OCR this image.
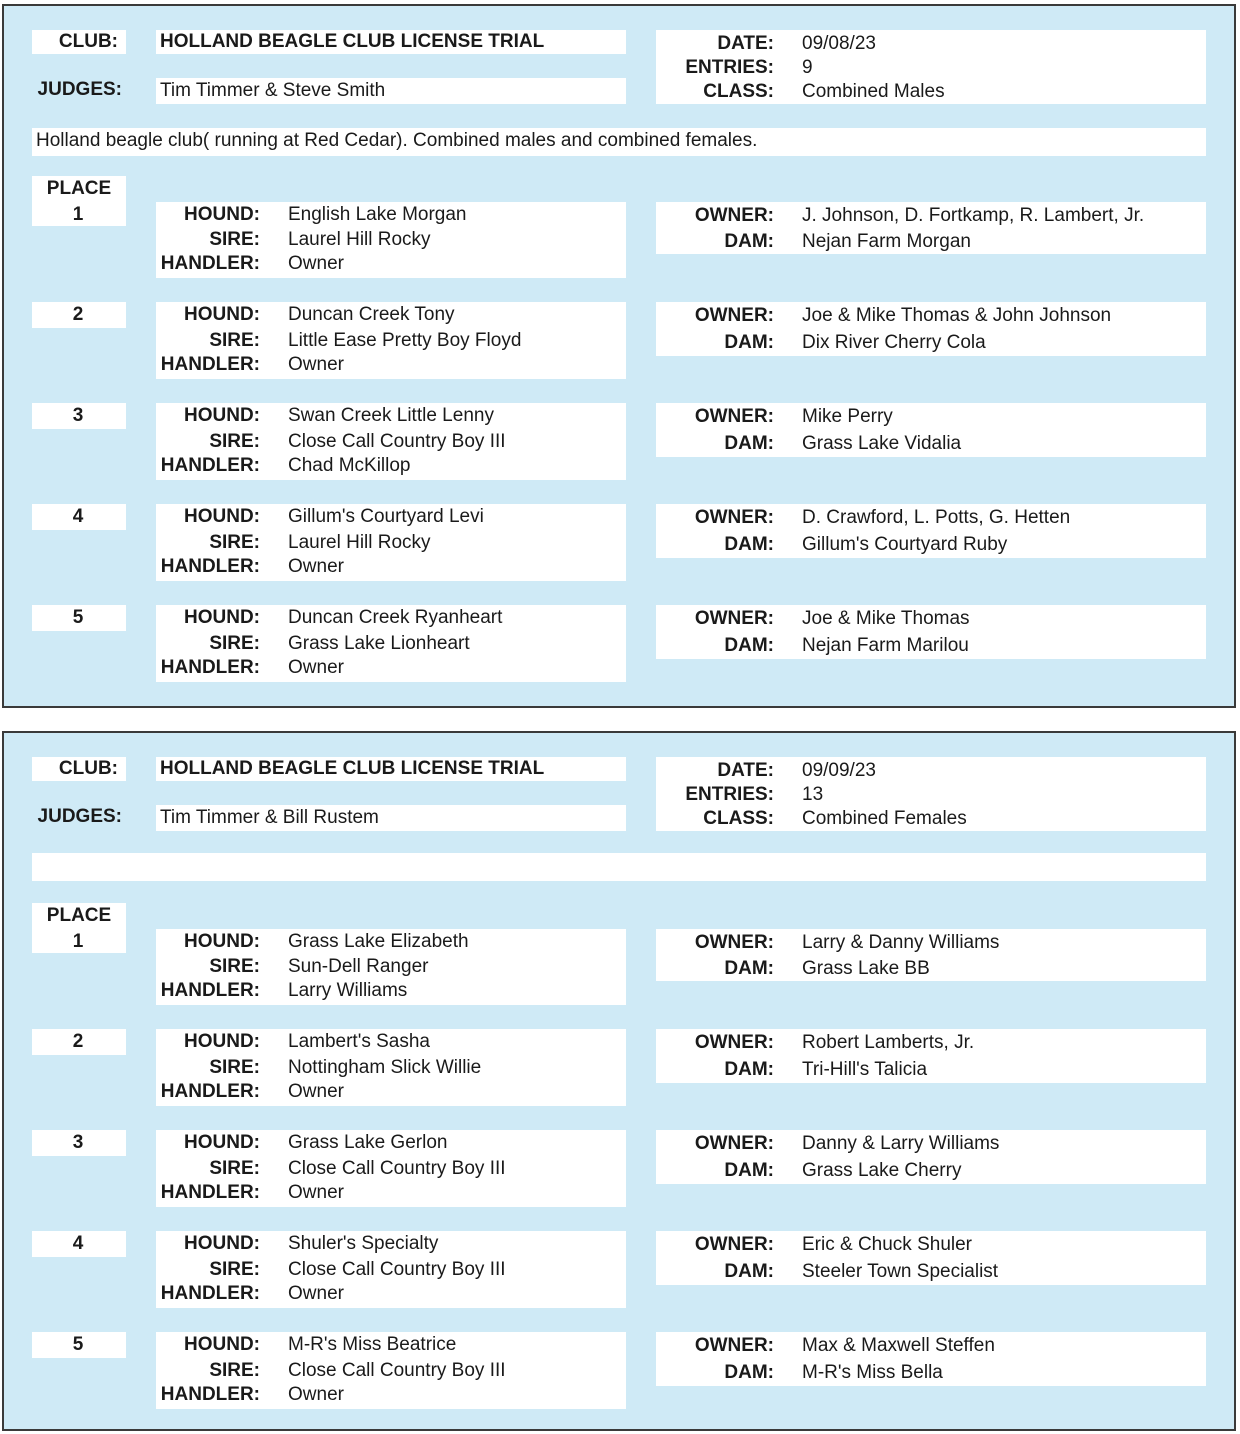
CLUB: HOLLAND BEAGLE CLUB LICENSE TRIAL
JUDGES: Tim Timmer & Steve Smith
DATE: 09/08/23
ENTRIES: 9
CLASS: Combined Males
Holland beagle club( running at Red Cedar). Combined males and combined females.
PLACE
1	HOUND: English Lake Morgan
SIRE: Laurel Hill Rocky
HANDLER: Owner
OWNER: J. Johnson, D. Fortkamp, R. Lambert, Jr.
DAM: Nejan Farm Morgan
2	HOUND: Duncan Creek Tony
SIRE: Little Ease Pretty Boy Floyd
HANDLER: Owner
OWNER: Joe & Mike Thomas & John Johnson
DAM: Dix River Cherry Cola
3	HOUND: Swan Creek Little Lenny
SIRE: Close Call Country Boy III
HANDLER: Chad McKillop
OWNER: Mike Perry
DAM: Grass Lake Vidalia
4	HOUND: Gillum's Courtyard Levi
SIRE: Laurel Hill Rocky
HANDLER: Owner
OWNER: D. Crawford, L. Potts, G. Hetten
DAM: Gillum's Courtyard Ruby
5	HOUND: Duncan Creek Ryanheart
SIRE: Grass Lake Lionheart
HANDLER: Owner
OWNER: Joe & Mike Thomas
DAM: Nejan Farm Marilou
CLUB: HOLLAND BEAGLE CLUB LICENSE TRIAL
JUDGES: Tim Timmer & Bill Rustem
DATE: 09/09/23
ENTRIES: 13
CLASS: Combined Females
PLACE
1	HOUND: Grass Lake Elizabeth
SIRE: Sun-Dell Ranger
HANDLER: Larry Williams
OWNER: Larry & Danny Williams
DAM: Grass Lake BB
2	HOUND: Lambert's Sasha
SIRE: Nottingham Slick Willie
HANDLER: Owner
OWNER: Robert Lamberts, Jr.
DAM: Tri-Hill's Talicia
3	HOUND: Grass Lake Gerlon
SIRE: Close Call Country Boy III
HANDLER: Owner
OWNER: Danny & Larry Williams
DAM: Grass Lake Cherry
4	HOUND: Shuler's Specialty
SIRE: Close Call Country Boy III
HANDLER: Owner
OWNER: Eric & Chuck Shuler
DAM: Steeler Town Specialist
5	HOUND: M-R's Miss Beatrice
SIRE: Close Call Country Boy III
HANDLER: Owner
OWNER: Max & Maxwell Steffen
DAM: M-R's Miss Bella
